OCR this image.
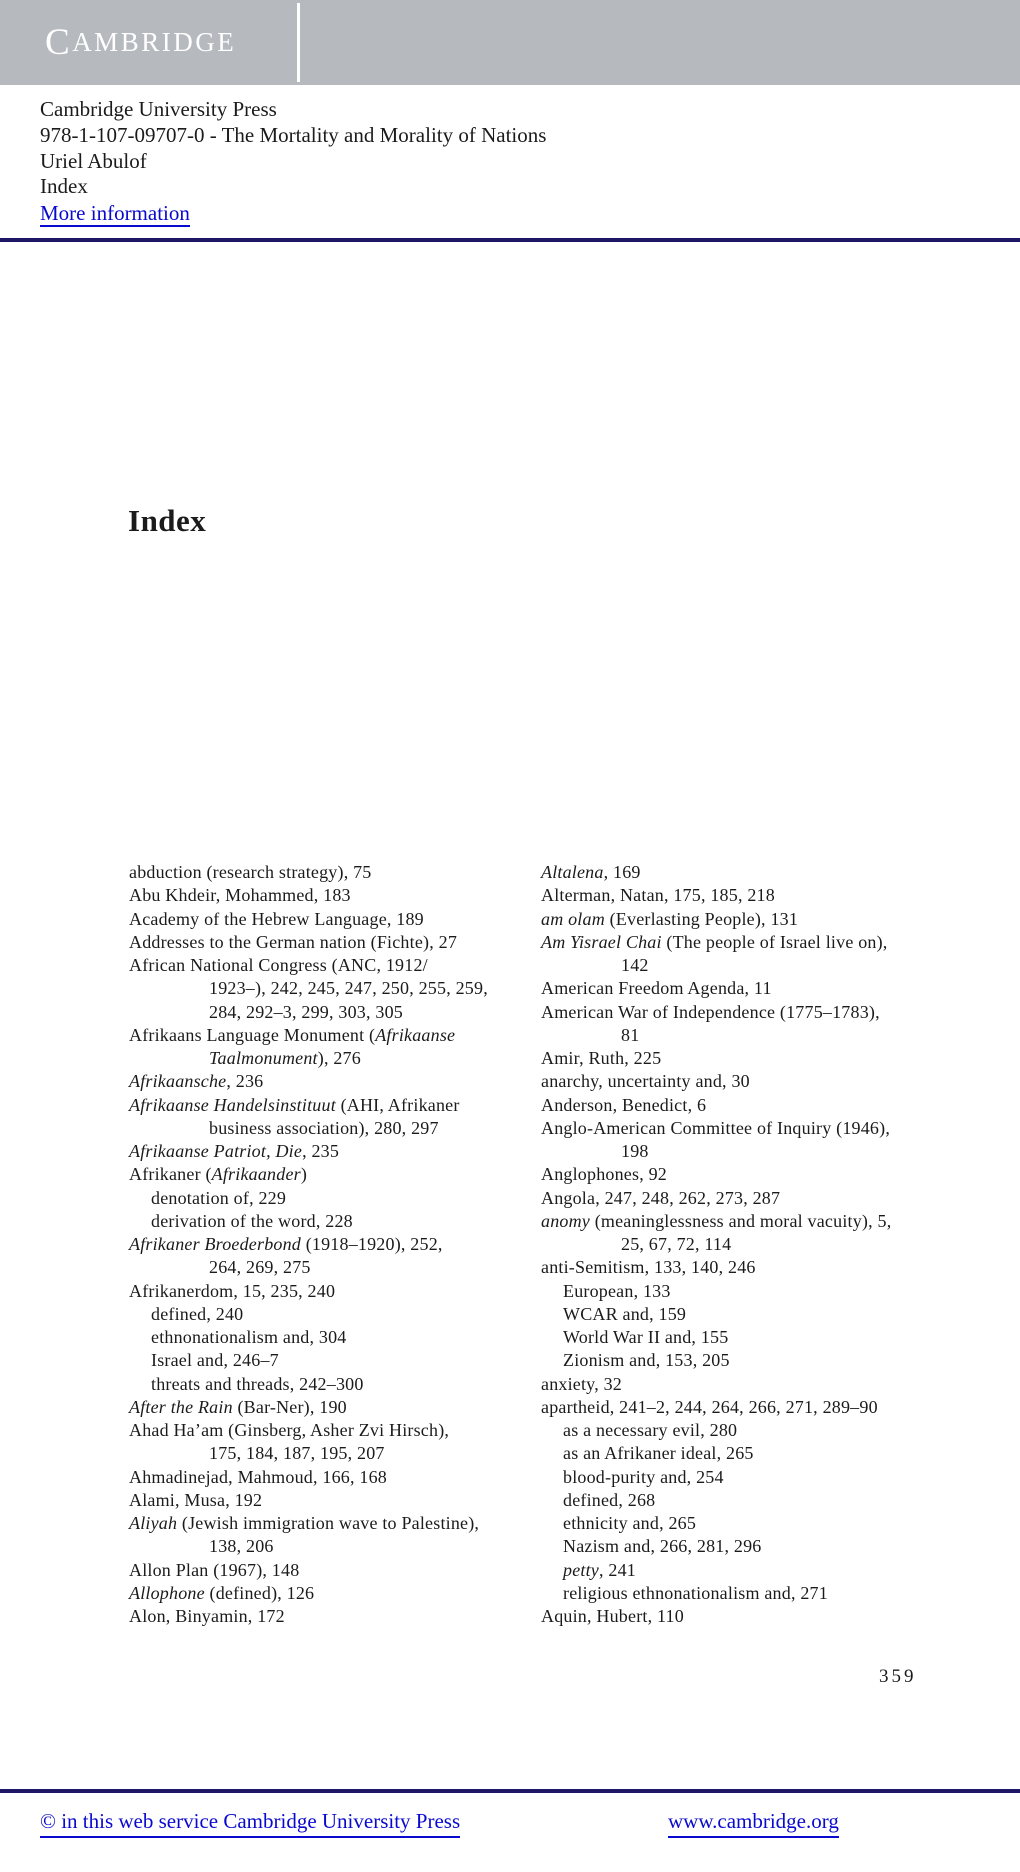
C AMBRIDGE
Cambridge University Press
978-1-107-09707-0 - The Mortality and Morality of Nations
Uriel Abulof
Index
More information
Index
abduction (research strategy), 75
Abu Khdeir, Mohammed, 183
Academy of the Hebrew Language, 189
Addresses to the German nation (Fichte), 27
African National Congress (ANC, 1912/
1923–), 242, 245, 247, 250, 255, 259,
284, 292–3, 299, 303, 305
Afrikaans Language Monument (Afrikaanse
Taalmonument), 276
Afrikaansche, 236
Afrikaanse Handelsinstituut (AHI, Afrikaner
business association), 280, 297
Afrikaanse Patriot, Die, 235
Afrikaner (Afrikaander)
denotation of, 229
derivation of the word, 228
Afrikaner Broederbond (1918–1920), 252,
264, 269, 275
Afrikanerdom, 15, 235, 240
defined, 240
ethnonationalism and, 304
Israel and, 246–7
threats and threads, 242–300
After the Rain (Bar-Ner), 190
Ahad Ha’am (Ginsberg, Asher Zvi Hirsch),
175, 184, 187, 195, 207
Ahmadinejad, Mahmoud, 166, 168
Alami, Musa, 192
Aliyah (Jewish immigration wave to Palestine),
138, 206
Allon Plan (1967), 148
Allophone (defined), 126
Alon, Binyamin, 172
Altalena, 169
Alterman, Natan, 175, 185, 218
am olam (Everlasting People), 131
Am Yisrael Chai (The people of Israel live on),
142
American Freedom Agenda, 11
American War of Independence (1775–1783),
81
Amir, Ruth, 225
anarchy, uncertainty and, 30
Anderson, Benedict, 6
Anglo-American Committee of Inquiry (1946),
198
Anglophones, 92
Angola, 247, 248, 262, 273, 287
anomy (meaninglessness and moral vacuity), 5,
25, 67, 72, 114
anti-Semitism, 133, 140, 246
European, 133
WCAR and, 159
World War II and, 155
Zionism and, 153, 205
anxiety, 32
apartheid, 241–2, 244, 264, 266, 271, 289–90
as a necessary evil, 280
as an Afrikaner ideal, 265
blood-purity and, 254
defined, 268
ethnicity and, 265
Nazism and, 266, 281, 296
petty, 241
religious ethnonationalism and, 271
Aquin, Hubert, 110
359
© in this web service Cambridge University Press	www.cambridge.org
